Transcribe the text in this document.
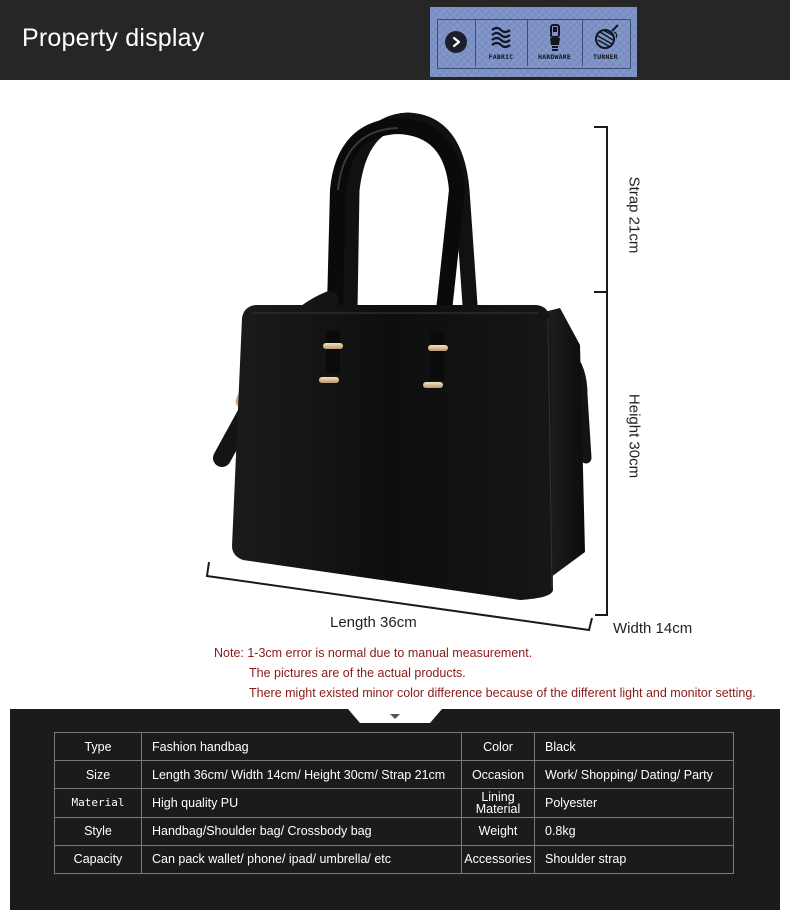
Property display
FABRIC	HARDWARE	TURNER
Strap 21cm
Height 30cm
Length 36cm	Width 14cm
Note: 1-3cm error is normal due to manual measurement.
The pictures are of the actual products.
There might existed minor color difference because of the different light and monitor setting.
Type	Fashion handbag	Color	Black
Size	Length 36cm/ Width 14cm/ Height 30cm/ Strap 21cm	Occasion	Work/ Shopping/ Dating/ Party
Material	High quality PU	Lining Material	Polyester
Style	Handbag/Shoulder bag/ Crossbody bag	Weight	0.8kg
Capacity	Can pack wallet/ phone/ ipad/ umbrella/ etc	Accessories	Shoulder strap
